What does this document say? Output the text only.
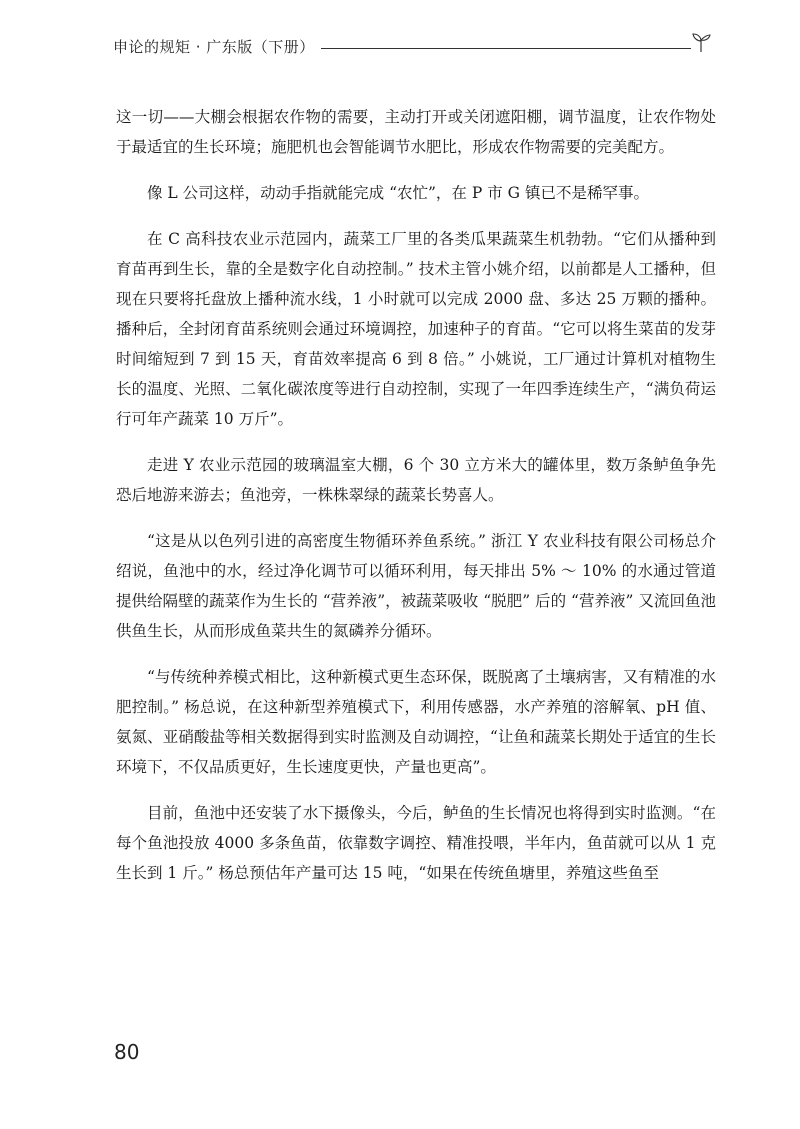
申论的规矩 · 广东版（下册）

这一切——大棚会根据农作物的需要，主动打开或关闭遮阳棚，调节温度，让农作物处于最适宜的生长环境；施肥机也会智能调节水肥比，形成农作物需要的完美配方。

像 L 公司这样，动动手指就能完成 “农忙”，在 P 市 G 镇已不是稀罕事。

在 C 高科技农业示范园内，蔬菜工厂里的各类瓜果蔬菜生机勃勃。“它们从播种到育苗再到生长，靠的全是数字化自动控制。” 技术主管小姚介绍，以前都是人工播种，但现在只要将托盘放上播种流水线，1 小时就可以完成 2000 盘、多达 25 万颗的播种。播种后，全封闭育苗系统则会通过环境调控，加速种子的育苗。“它可以将生菜苗的发芽时间缩短到 7 到 15 天，育苗效率提高 6 到 8 倍。” 小姚说，工厂通过计算机对植物生长的温度、光照、二氧化碳浓度等进行自动控制，实现了一年四季连续生产，“满负荷运行可年产蔬菜 10 万斤”。

走进 Y 农业示范园的玻璃温室大棚，6 个 30 立方米大的罐体里，数万条鲈鱼争先恐后地游来游去；鱼池旁，一株株翠绿的蔬菜长势喜人。

“这是从以色列引进的高密度生物循环养鱼系统。” 浙江 Y 农业科技有限公司杨总介绍说，鱼池中的水，经过净化调节可以循环利用，每天排出 5% ～ 10% 的水通过管道提供给隔壁的蔬菜作为生长的 “营养液”，被蔬菜吸收 “脱肥” 后的 “营养液” 又流回鱼池供鱼生长，从而形成鱼菜共生的氮磷养分循环。

“与传统种养模式相比，这种新模式更生态环保，既脱离了土壤病害，又有精准的水肥控制。” 杨总说，在这种新型养殖模式下，利用传感器，水产养殖的溶解氧、pH 值、氨氮、亚硝酸盐等相关数据得到实时监测及自动调控，“让鱼和蔬菜长期处于适宜的生长环境下，不仅品质更好，生长速度更快，产量也更高”。

目前，鱼池中还安装了水下摄像头，今后，鲈鱼的生长情况也将得到实时监测。“在每个鱼池投放 4000 多条鱼苗，依靠数字调控、精准投喂，半年内，鱼苗就可以从 1 克生长到 1 斤。” 杨总预估年产量可达 15 吨，“如果在传统鱼塘里，养殖这些鱼至

80
